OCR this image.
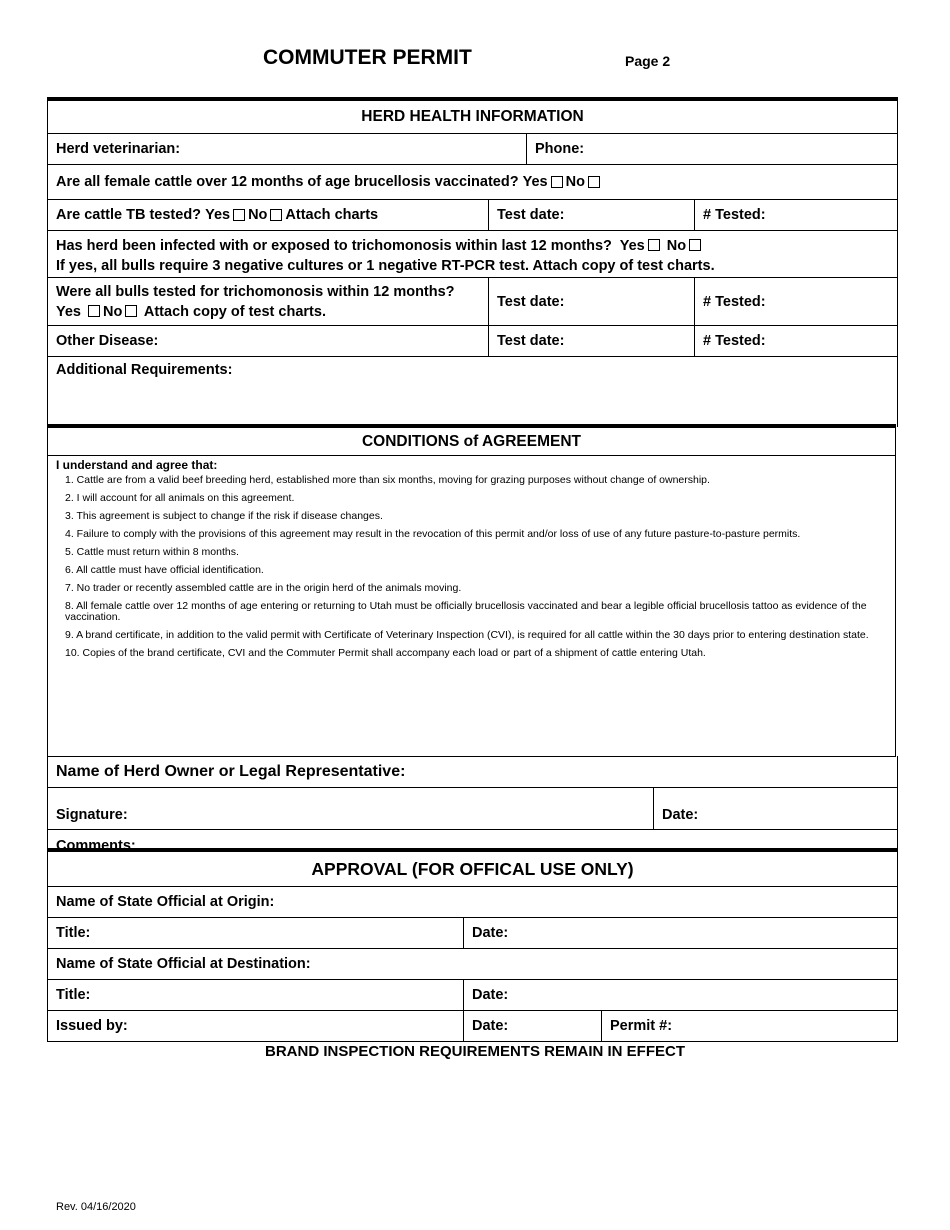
COMMUTER PERMIT	Page 2
HERD HEALTH INFORMATION
Herd veterinarian:	Phone:
Are all female cattle over 12 months of age brucellosis vaccinated?
Yes No
Are cattle TB tested?
Yes No Attach charts	Test date:	# Tested:
Has herd been infected with or exposed to trichomonosis within last 12 months? Yes No
If yes, all bulls require 3 negative cultures or 1 negative RT-PCR test. Attach copy of test charts.
Were all bulls tested for trichomonosis within 12 months?
Yes No Attach copy of test charts.
Test date:	# Tested:
Other Disease:	Test date:	# Tested:
Additional Requirements:
CONDITIONS of AGREEMENT
I understand and agree that:
1. Cattle are from a valid beef breeding herd, established more than six months, moving for grazing purposes without change of ownership.
2. I will account for all animals on this agreement.
3. This agreement is subject to change if the risk if disease changes.
4. Failure to comply with the provisions of this agreement may result in the revocation of this permit and/or loss of use of any future pasture-to-pasture permits.
5. Cattle must return within 8 months.
6. All cattle must have official identification.
7. No trader or recently assembled cattle are in the origin herd of the animals moving.
8. All female cattle over 12 months of age entering or returning to Utah must be officially brucellosis vaccinated and bear a legible official brucellosis tattoo as evidence of the vaccination.
9. A brand certificate, in addition to the valid permit with Certificate of Veterinary Inspection (CVI), is required for all cattle within the 30 days prior to entering destination state.
10. Copies of the brand certificate, CVI and the Commuter Permit shall accompany each load or part of a shipment of cattle entering Utah.
Name of Herd Owner or Legal Representative:
Signature:	Date:
Comments:
APPROVAL (FOR OFFICAL USE ONLY)
Name of State Official at Origin:
Title:	Date:
Name of State Official at Destination:
Title:	Date:
Issued by:	Date:	Permit #:
BRAND INSPECTION REQUIREMENTS REMAIN IN EFFECT
Rev. 04/16/2020
